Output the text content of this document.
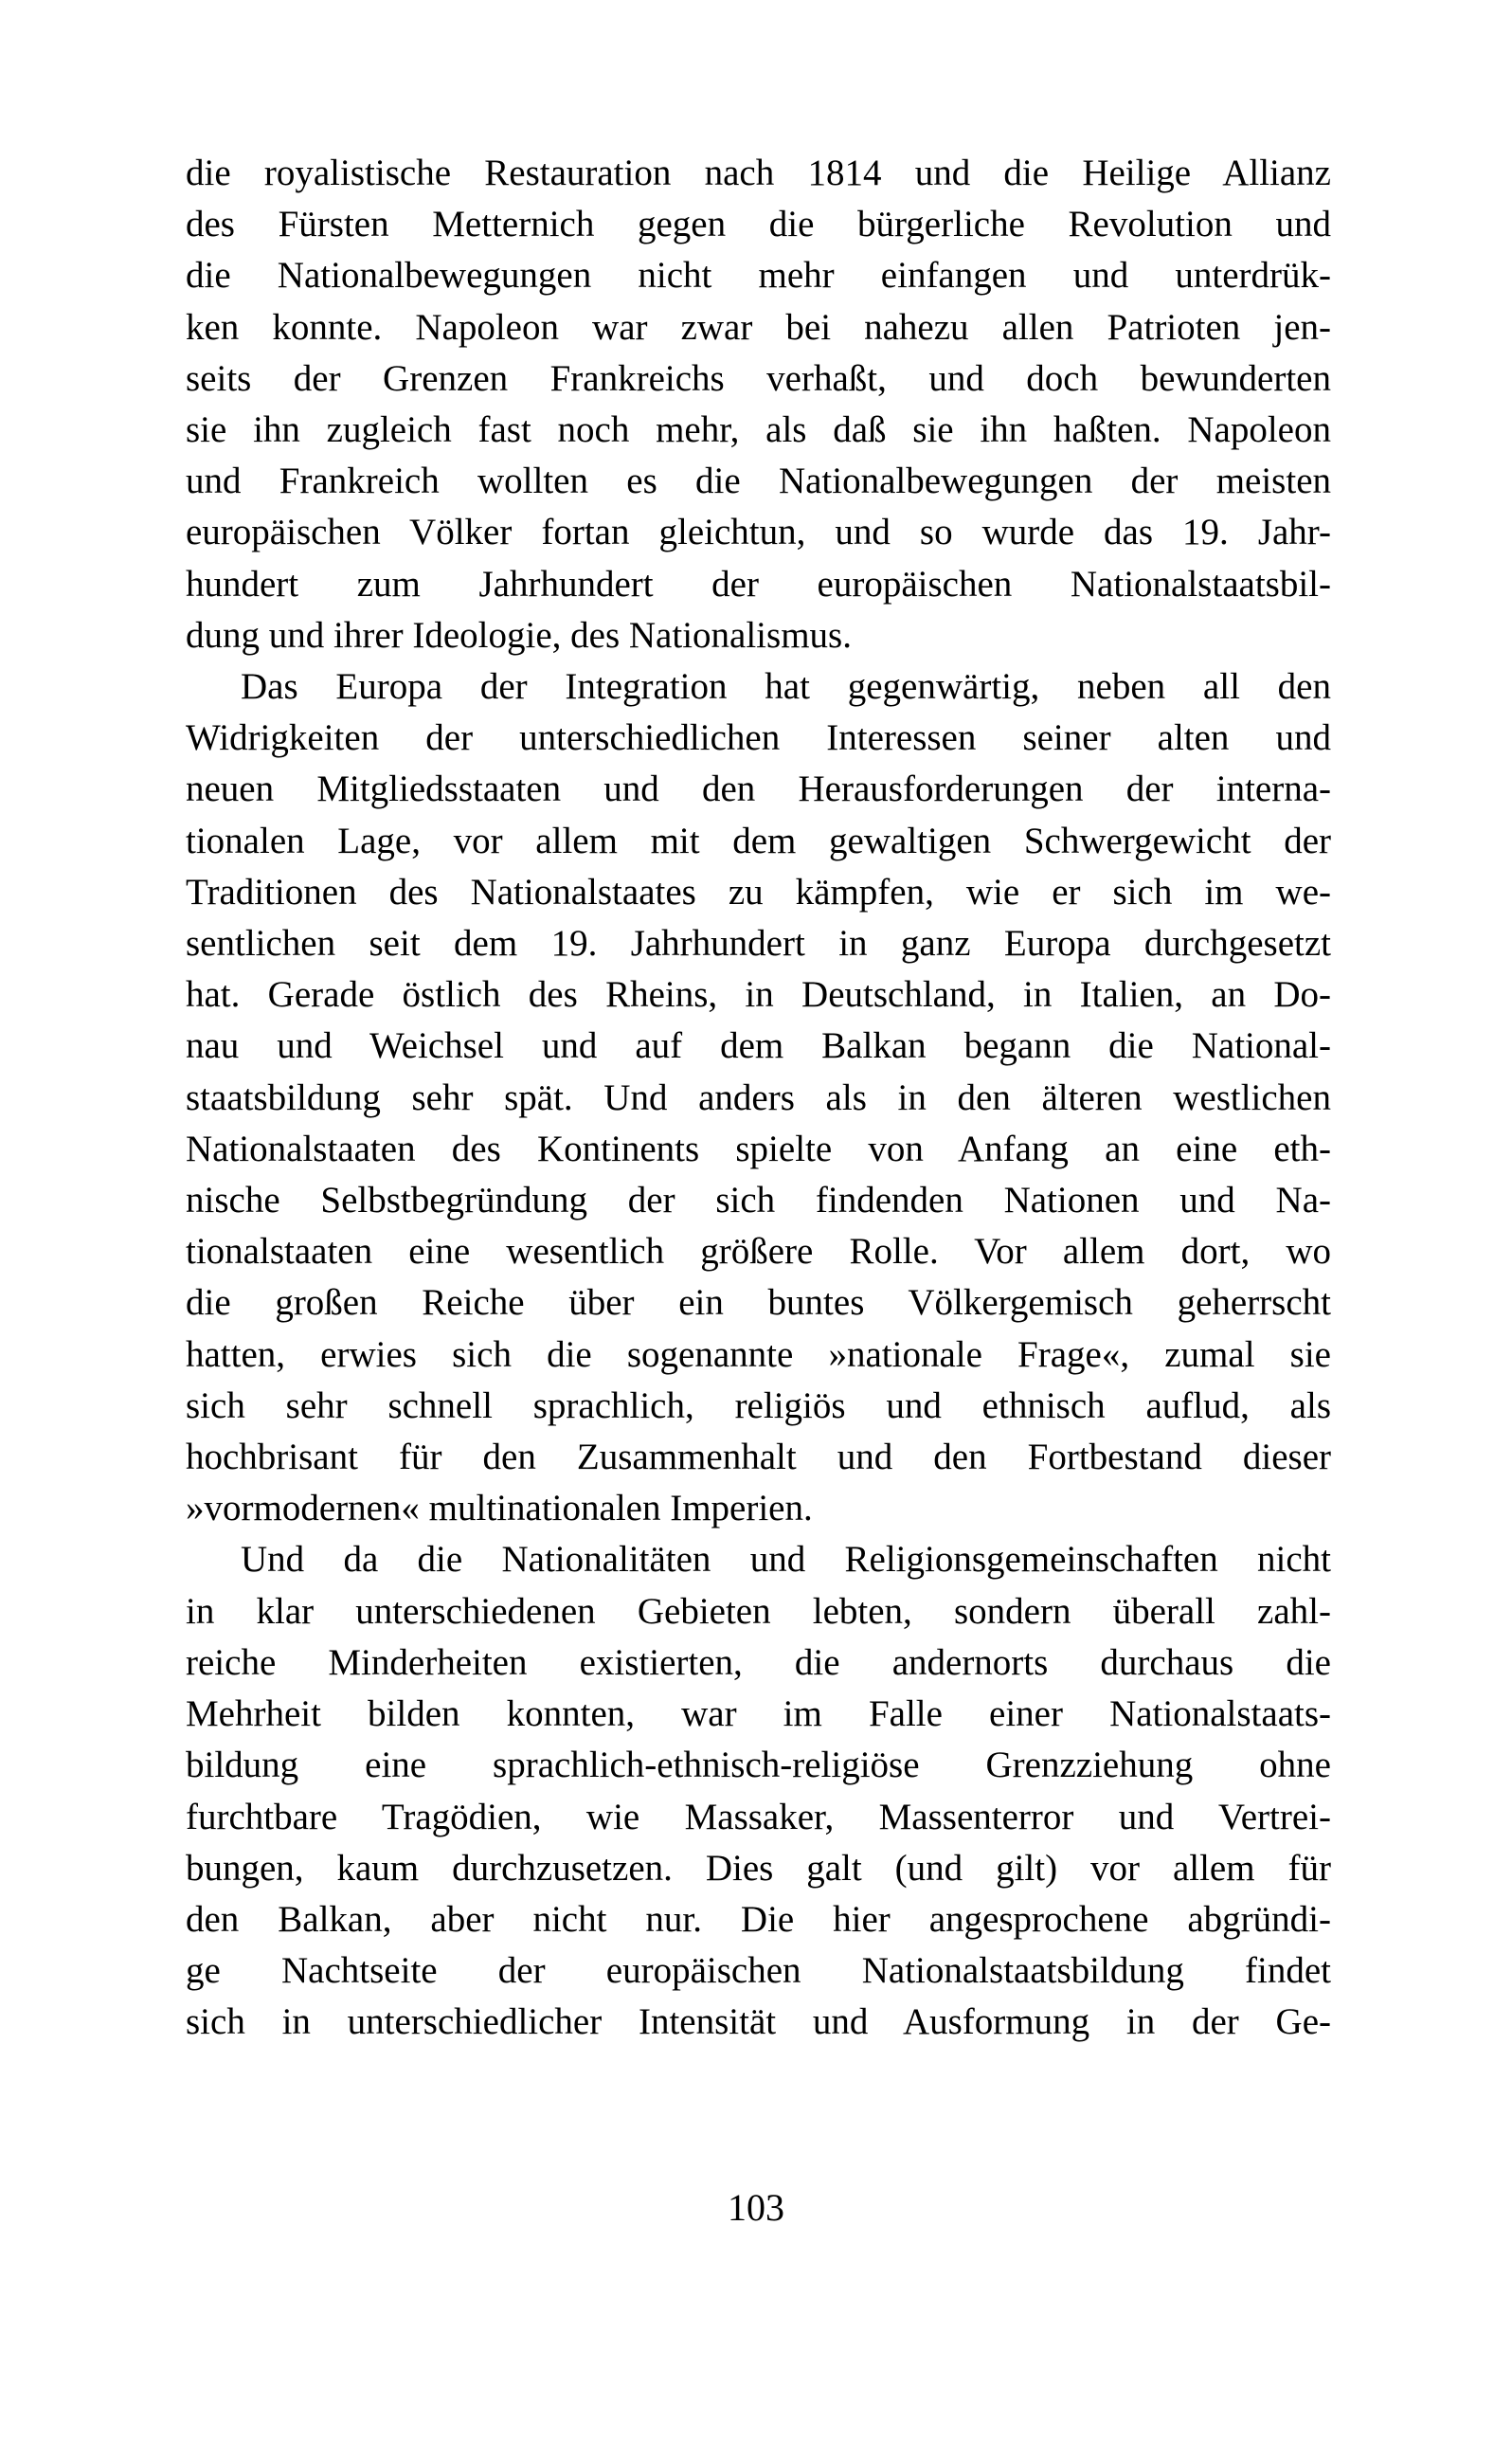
die royalistische Restauration nach 1814 und die Heilige Allianz
des Fürsten Metternich gegen die bürgerliche Revolution und
die Nationalbewegungen nicht mehr einfangen und unterdrük-
ken konnte. Napoleon war zwar bei nahezu allen Patrioten jen-
seits der Grenzen Frankreichs verhaßt, und doch bewunderten
sie ihn zugleich fast noch mehr, als daß sie ihn haßten. Napoleon
und Frankreich wollten es die Nationalbewegungen der meisten
europäischen Völker fortan gleichtun, und so wurde das 19. Jahr-
hundert zum Jahrhundert der europäischen Nationalstaatsbil-
dung und ihrer Ideologie, des Nationalismus.
Das Europa der Integration hat gegenwärtig, neben all den
Widrigkeiten der unterschiedlichen Interessen seiner alten und
neuen Mitgliedsstaaten und den Herausforderungen der interna-
tionalen Lage, vor allem mit dem gewaltigen Schwergewicht der
Traditionen des Nationalstaates zu kämpfen, wie er sich im we-
sentlichen seit dem 19. Jahrhundert in ganz Europa durchgesetzt
hat. Gerade östlich des Rheins, in Deutschland, in Italien, an Do-
nau und Weichsel und auf dem Balkan begann die National-
staatsbildung sehr spät. Und anders als in den älteren westlichen
Nationalstaaten des Kontinents spielte von Anfang an eine eth-
nische Selbstbegründung der sich findenden Nationen und Na-
tionalstaaten eine wesentlich größere Rolle. Vor allem dort, wo
die großen Reiche über ein buntes Völkergemisch geherrscht
hatten, erwies sich die sogenannte »nationale Frage«, zumal sie
sich sehr schnell sprachlich, religiös und ethnisch auflud, als
hochbrisant für den Zusammenhalt und den Fortbestand dieser
»vormodernen« multinationalen Imperien.
Und da die Nationalitäten und Religionsgemeinschaften nicht
in klar unterschiedenen Gebieten lebten, sondern überall zahl-
reiche Minderheiten existierten, die andernorts durchaus die
Mehrheit bilden konnten, war im Falle einer Nationalstaats-
bildung eine sprachlich-ethnisch-religiöse Grenzziehung ohne
furchtbare Tragödien, wie Massaker, Massenterror und Vertrei-
bungen, kaum durchzusetzen. Dies galt (und gilt) vor allem für
den Balkan, aber nicht nur. Die hier angesprochene abgründi-
ge Nachtseite der europäischen Nationalstaatsbildung findet
sich in unterschiedlicher Intensität und Ausformung in der Ge-
103
